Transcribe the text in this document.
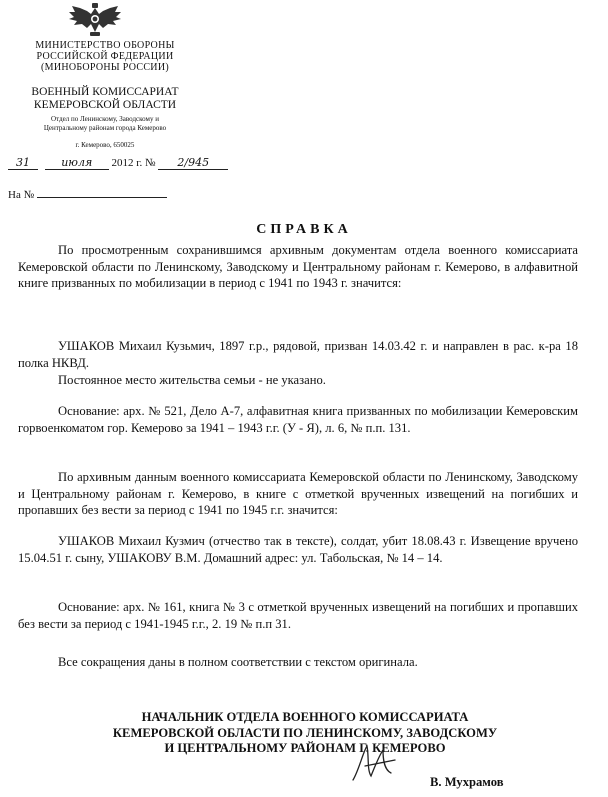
МИНИСТЕРСТВО ОБОРОНЫ
РОССИЙСКОЙ ФЕДЕРАЦИИ
(МИНОБОРОНЫ РОССИИ)
ВОЕННЫЙ КОМИССАРИАТ
КЕМЕРОВСКОЙ ОБЛАСТИ
Отдел по Ленинскому, Заводскому и
Центральному районам города Кемерово
г. Кемерово, 650025
31	июля 2012 г. № 2/945
На №
СПРАВКА

По просмотренным сохранившимся архивным документам отдела военного комиссариата Кемеровской области по Ленинскому, Заводскому и Центральному районам г. Кемерово, в алфавитной книге призванных по мобилизации в период с 1941 по 1943 г. значится:

УШАКОВ Михаил Кузьмич, 1897 г.р., рядовой, призван 14.03.42 г. и направлен в рас. к-ра 18 полка НКВД.

Постоянное место жительства семьи - не указано.

Основание: арх. № 521, Дело А-7, алфавитная книга призванных по мобилизации Кемеровским горвоенкоматом гор. Кемерово за 1941 – 1943 г.г. (У - Я), л. 6, № п.п. 131.

По архивным данным военного комиссариата Кемеровской области по Ленинскому, Заводскому и Центральному районам г. Кемерово, в книге с отметкой врученных извещений на погибших и пропавших без вести за период с 1941 по 1945 г.г. значится:

УШАКОВ Михаил Кузмич (отчество так в тексте), солдат, убит 18.08.43 г. Извещение вручено 15.04.51 г. сыну, УШАКОВУ В.М. Домашний адрес: ул. Табольская, № 14 – 14.

Основание: арх. № 161, книга № 3 с отметкой врученных извещений на погибших и пропавших без вести за период с 1941-1945 г.г., 2. 19 № п.п 31.

Все сокращения даны в полном соответствии с текстом оригинала.

НАЧАЛЬНИК ОТДЕЛА ВОЕННОГО КОМИССАРИАТА
КЕМЕРОВСКОЙ ОБЛАСТИ ПО ЛЕНИНСКОМУ, ЗАВОДСКОМУ
И ЦЕНТРАЛЬНОМУ РАЙОНАМ Г. КЕМЕРОВО
В. Мухрамов
